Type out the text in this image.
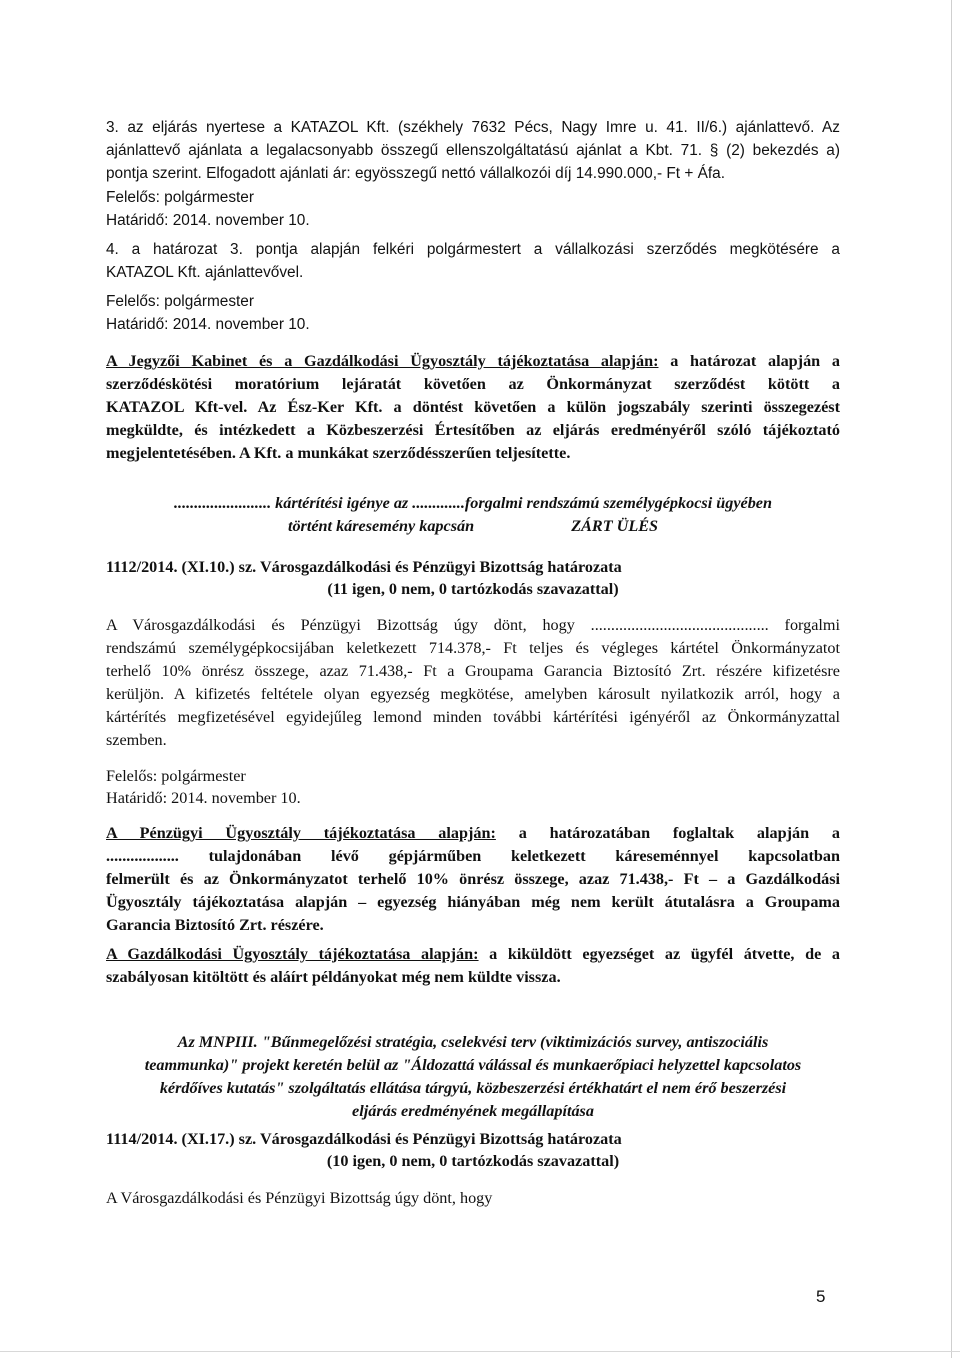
3. az eljárás nyertese a KATAZOL Kft. (székhely 7632 Pécs, Nagy Imre u. 41. II/6.) ajánlattevő. Az
ajánlattevő ajánlata a legalacsonyabb összegű ellenszolgáltatású ajánlat a Kbt. 71. § (2) bekezdés a)
pontja szerint. Elfogadott ajánlati ár: egyösszegű nettó vállalkozói díj 14.990.000,- Ft + Áfa.
Felelős: polgármester
Határidő: 2014. november 10.
4. a határozat 3. pontja alapján felkéri polgármestert a vállalkozási szerződés megkötésére a
KATAZOL Kft. ajánlattevővel.
Felelős: polgármester
Határidő: 2014. november 10.
A Jegyzői Kabinet és a Gazdálkodási Ügyosztály tájékoztatása alapján: a határozat alapján a
szerződéskötési moratórium lejáratát követően az Önkormányzat szerződést kötött a
KATAZOL Kft-vel. Az Ész-Ker Kft. a döntést követően a külön jogszabály szerinti összegezést
megküldte, és intézkedett a Közbeszerzési Értesítőben az eljárás eredményéről szóló tájékoztató
megjelentetésében. A Kft. a munkákat szerződésszerűen teljesítette.
........................ kártérítési igénye az .............forgalmi rendszámú személygépkocsi ügyében
történt káresemény kapcsán                        ZÁRT ÜLÉS
1112/2014. (XI.10.) sz. Városgazdálkodási és Pénzügyi Bizottság határozata
(11 igen, 0 nem, 0 tartózkodás szavazattal)
A Városgazdálkodási és Pénzügyi Bizottság úgy dönt, hogy ............................................ forgalmi
rendszámú személygépkocsijában keletkezett 714.378,- Ft teljes és végleges kártétel Önkormányzatot
terhelő 10% önrész összege, azaz 71.438,- Ft a Groupama Garancia Biztosító Zrt. részére kifizetésre
kerüljön. A kifizetés feltétele olyan egyezség megkötése, amelyben károsult nyilatkozik arról, hogy a
kártérítés megfizetésével egyidejűleg lemond minden további kártérítési igényéről az Önkormányzattal
szemben.
Felelős: polgármester
Határidő: 2014. november 10.
A Pénzügyi Ügyosztály tájékoztatása alapján: a határozatában foglaltak alapján a
.................. tulajdonában lévő gépjárműben keletkezett káreseménnyel kapcsolatban
felmerült és az Önkormányzatot terhelő 10% önrész összege, azaz 71.438,- Ft – a Gazdálkodási
Ügyosztály tájékoztatása alapján – egyezség hiányában még nem került átutalásra a Groupama
Garancia Biztosító Zrt. részére.
A Gazdálkodási Ügyosztály tájékoztatása alapján: a kiküldött egyezséget az ügyfél átvette, de a
szabályosan kitöltött és aláírt példányokat még nem küldte vissza.
Az MNPIII. "Bűnmegelőzési stratégia, cselekvési terv (viktimizációs survey, antiszociális
teammunka)" projekt keretén belül az "Áldozattá válással és munkaerőpiaci helyzettel kapcsolatos
kérdőíves kutatás" szolgáltatás ellátása tárgyú, közbeszerzési értékhatárt el nem érő beszerzési
eljárás eredményének megállapítása
1114/2014. (XI.17.) sz. Városgazdálkodási és Pénzügyi Bizottság határozata
(10 igen, 0 nem, 0 tartózkodás szavazattal)
A Városgazdálkodási és Pénzügyi Bizottság úgy dönt, hogy
5
